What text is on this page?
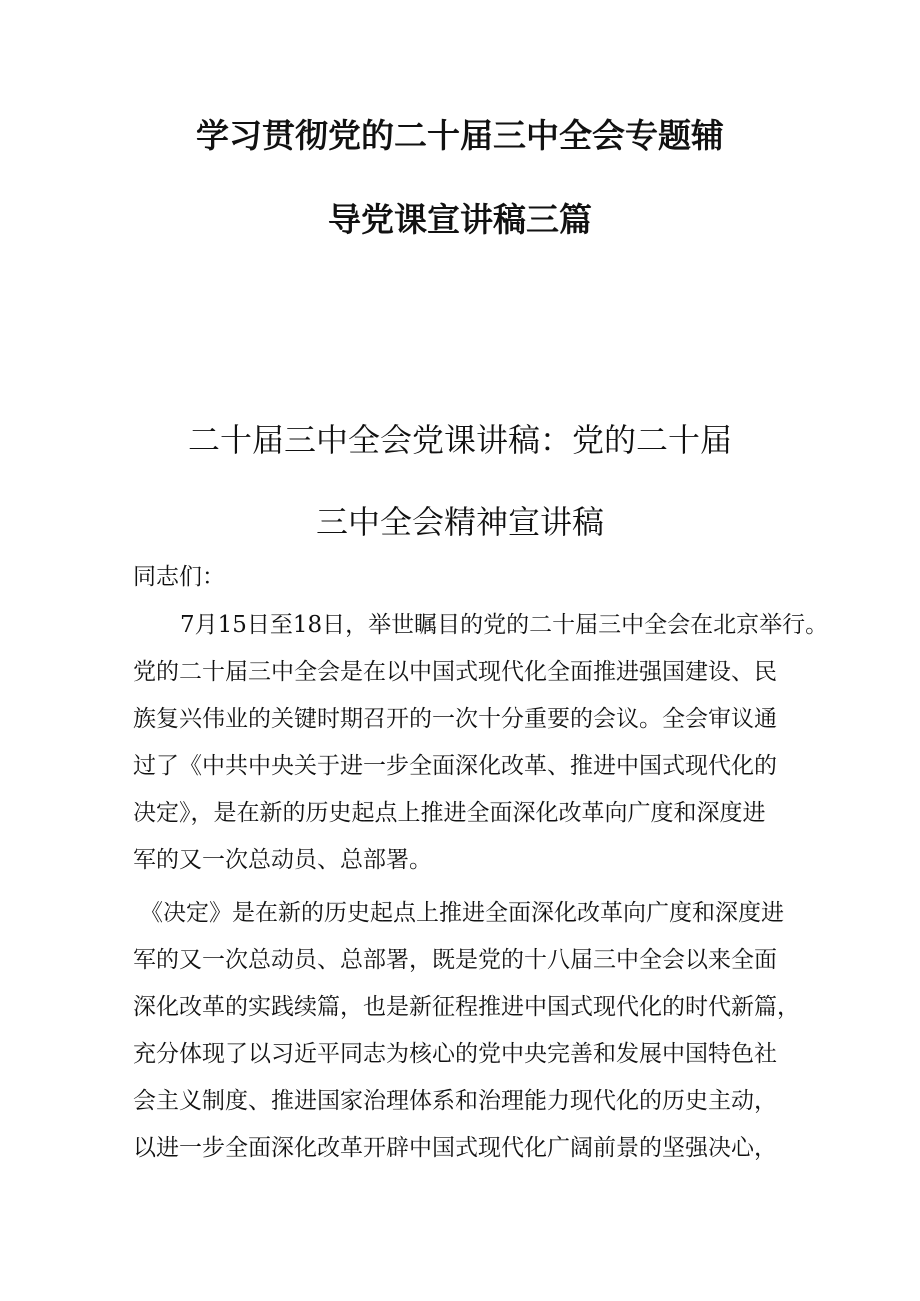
学习贯彻党的二十届三中全会专题辅
导党课宣讲稿三篇
二十届三中全会党课讲稿：党的二十届
三中全会精神宣讲稿
同志们：
7月15日至18日，举世瞩目的党的二十届三中全会在北京举行。
党的二十届三中全会是在以中国式现代化全面推进强国建设、民
族复兴伟业的关键时期召开的一次十分重要的会议。全会审议通
过了《中共中央关于进一步全面深化改革、推进中国式现代化的
决定》，是在新的历史起点上推进全面深化改革向广度和深度进
军的又一次总动员、总部署。
《决定》是在新的历史起点上推进全面深化改革向广度和深度进
军的又一次总动员、总部署，既是党的十八届三中全会以来全面
深化改革的实践续篇，也是新征程推进中国式现代化的时代新篇，
充分体现了以习近平同志为核心的党中央完善和发展中国特色社
会主义制度、推进国家治理体系和治理能力现代化的历史主动，
以进一步全面深化改革开辟中国式现代化广阔前景的坚强决心，
